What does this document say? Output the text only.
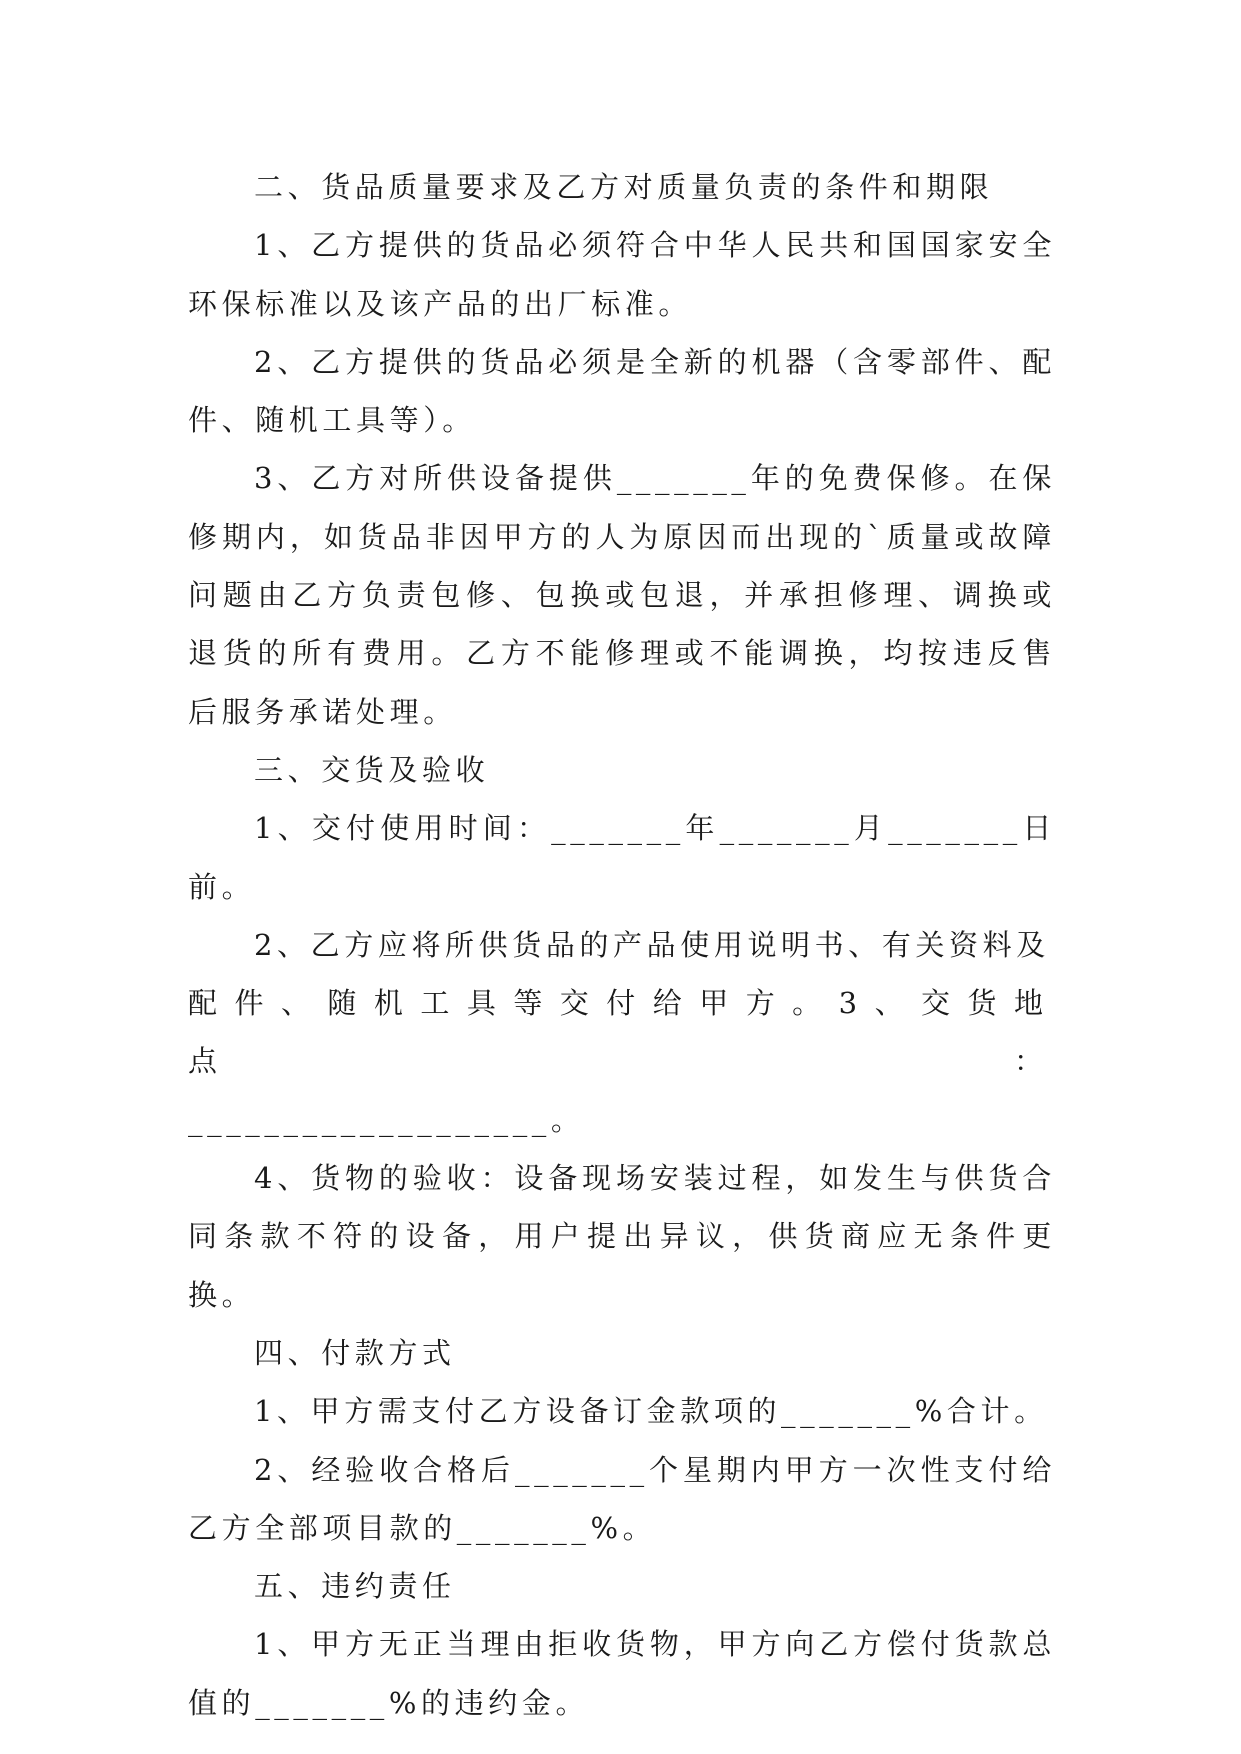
二、货品质量要求及乙方对质量负责的条件和期限

1、乙方提供的货品必须符合中华人民共和国国家安全环保标准以及该产品的出厂标准。

2、乙方提供的货品必须是全新的机器（含零部件、配件、随机工具等）。

3、乙方对所供设备提供_______年的免费保修。在保修期内，如货品非因甲方的人为原因而出现的`质量或故障问题由乙方负责包修、包换或包退，并承担修理、调换或退货的所有费用。乙方不能修理或不能调换，均按违反售后服务承诺处理。

三、交货及验收

1、交付使用时间：_______年_______月_______日前。

2、乙方应将所供货品的产品使用说明书、有关资料及

配件、随机工具等交付给甲方。3、交货地点：

___________________。

4、货物的验收：设备现场安装过程，如发生与供货合同条款不符的设备，用户提出异议，供货商应无条件更换。

四、付款方式

1、甲方需支付乙方设备订金款项的_______%合计。

2、经验收合格后_______个星期内甲方一次性支付给乙方全部项目款的_______%。

五、违约责任

1、甲方无正当理由拒收货物，甲方向乙方偿付货款总值的_______%的违约金。
